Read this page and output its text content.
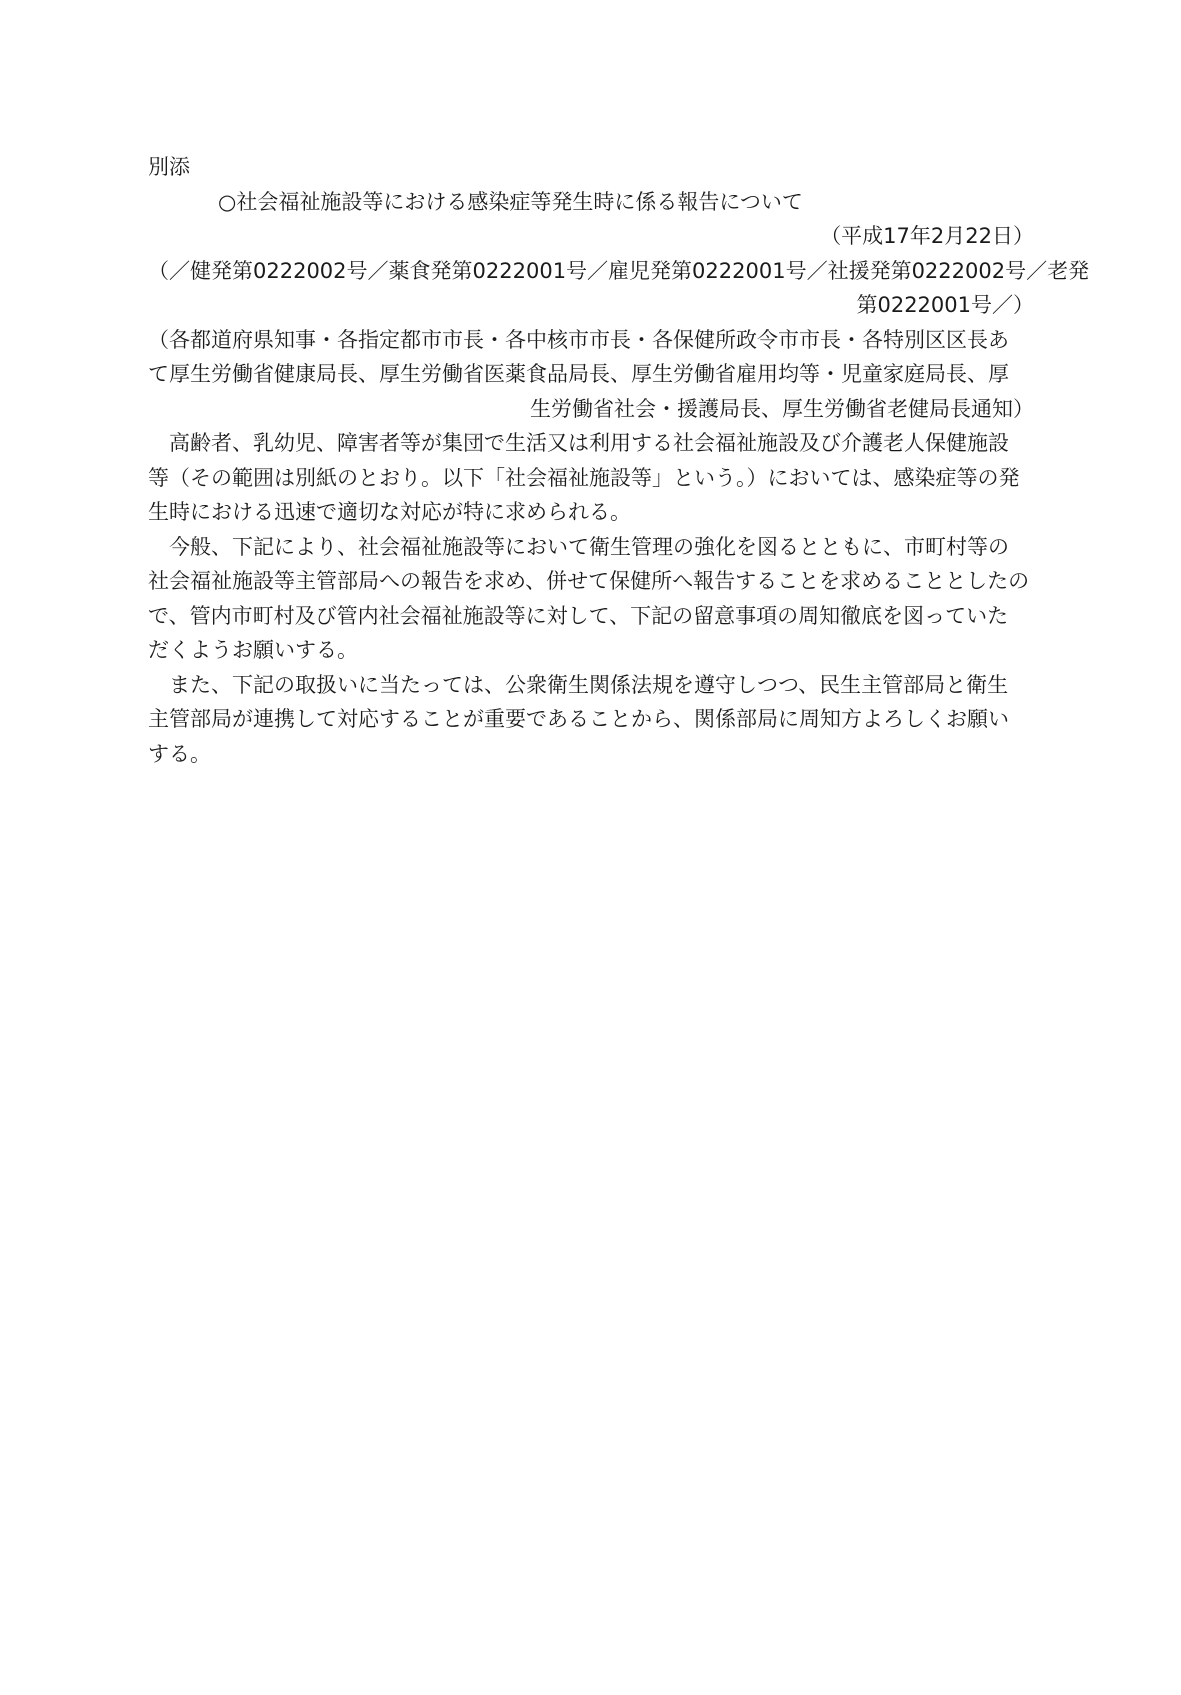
別添
○社会福祉施設等における感染症等発生時に係る報告について
（平成17年2月22日）
（／健発第0222002号／薬食発第0222001号／雇児発第0222001号／社援発第0222002号／老発
第0222001号／）
（各都道府県知事・各指定都市市長・各中核市市長・各保健所政令市市長・各特別区区長あ
て厚生労働省健康局長、厚生労働省医薬食品局長、厚生労働省雇用均等・児童家庭局長、厚
生労働省社会・援護局長、厚生労働省老健局長通知）
　高齢者、乳幼児、障害者等が集団で生活又は利用する社会福祉施設及び介護老人保健施設
等（その範囲は別紙のとおり。以下「社会福祉施設等」という。）においては、感染症等の発
生時における迅速で適切な対応が特に求められる。
　今般、下記により、社会福祉施設等において衛生管理の強化を図るとともに、市町村等の
社会福祉施設等主管部局への報告を求め、併せて保健所へ報告することを求めることとしたの
で、管内市町村及び管内社会福祉施設等に対して、下記の留意事項の周知徹底を図っていた
だくようお願いする。
　また、下記の取扱いに当たっては、公衆衛生関係法規を遵守しつつ、民生主管部局と衛生
主管部局が連携して対応することが重要であることから、関係部局に周知方よろしくお願い
する。
